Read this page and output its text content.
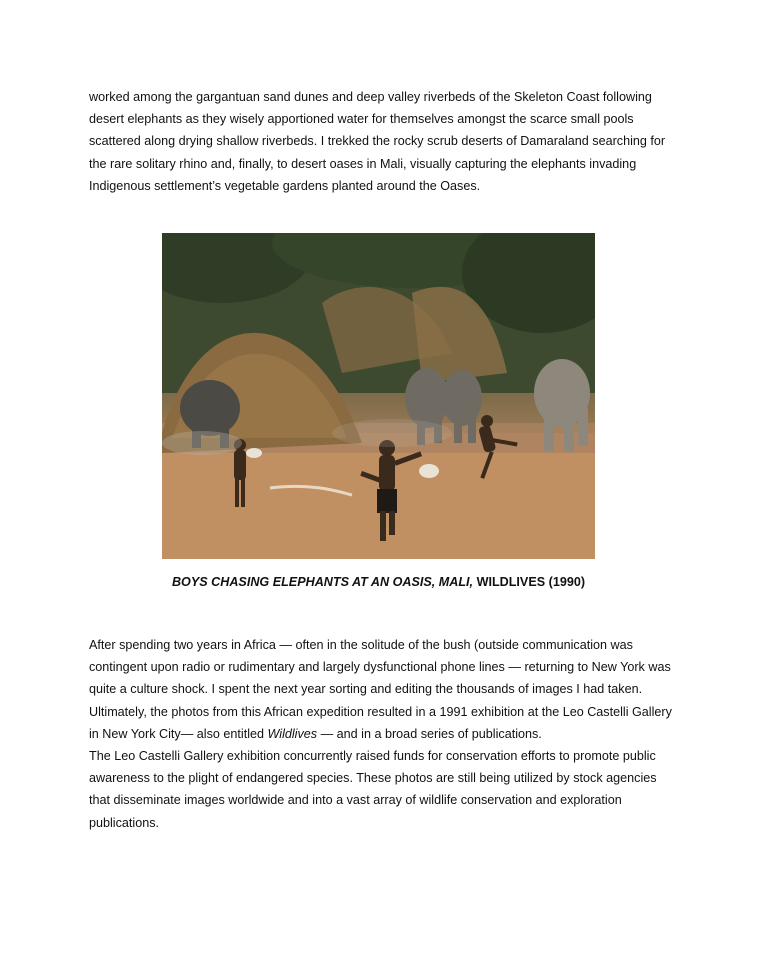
worked among the gargantuan sand dunes and deep valley riverbeds of the Skeleton Coast following desert elephants as they wisely apportioned water for themselves amongst the scarce small pools scattered along drying shallow riverbeds. I trekked the rocky scrub deserts of Damaraland searching for the rare solitary rhino and, finally, to desert oases in Mali, visually capturing the elephants invading Indigenous settlement’s vegetable gardens planted around the Oases.

BOYS CHASING ELEPHANTS AT AN OASIS, MALI, WILDLIVES (1990)

After spending two years in Africa — often in the solitude of the bush (outside communication was contingent upon radio or rudimentary and largely dysfunctional phone lines — returning to New York was quite a culture shock. I spent the next year sorting and editing the thousands of images I had taken. Ultimately, the photos from this African expedition resulted in a 1991 exhibition at the Leo Castelli Gallery in New York City— also entitled Wildlives — and in a broad series of publications.

The Leo Castelli Gallery exhibition concurrently raised funds for conservation efforts to promote public awareness to the plight of endangered species. These photos are still being utilized by stock agencies that disseminate images worldwide and into a vast array of wildlife conservation and exploration publications.
